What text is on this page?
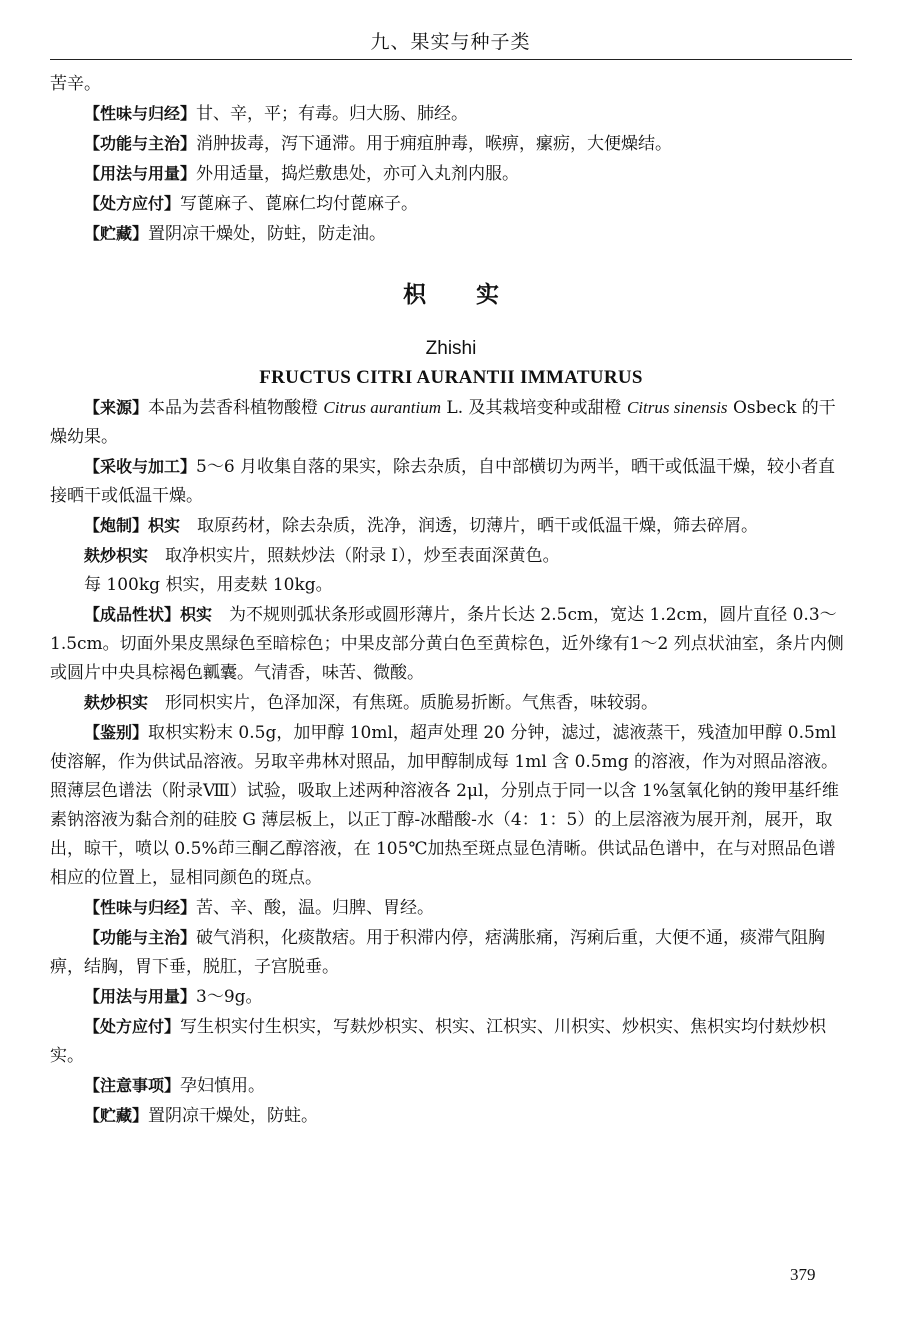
九、果实与种子类

苦辛。

【性味与归经】甘、辛，平；有毒。归大肠、肺经。

【功能与主治】消肿拔毒，泻下通滞。用于痈疽肿毒，喉痹，瘰疬，大便燥结。

【用法与用量】外用适量，捣烂敷患处，亦可入丸剂内服。

【处方应付】写蓖麻子、蓖麻仁均付蓖麻子。

【贮藏】置阴凉干燥处，防蛀，防走油。

枳实

Zhishi

FRUCTUS CITRI AURANTII IMMATURUS

【来源】本品为芸香科植物酸橙 Citrus aurantium L. 及其栽培变种或甜橙 Citrus sinensis Osbeck 的干燥幼果。

【采收与加工】5～6 月收集自落的果实，除去杂质，自中部横切为两半，晒干或低温干燥，较小者直接晒干或低温干燥。

【炮制】枳实　取原药材，除去杂质，洗净，润透，切薄片，晒干或低温干燥，筛去碎屑。

麸炒枳实　取净枳实片，照麸炒法（附录 Ⅰ），炒至表面深黄色。

每 100kg 枳实，用麦麸 10kg。

【成品性状】枳实　为不规则弧状条形或圆形薄片，条片长达 2.5cm，宽达 1.2cm，圆片直径 0.3～1.5cm。切面外果皮黑绿色至暗棕色；中果皮部分黄白色至黄棕色，近外缘有1～2 列点状油室，条片内侧或圆片中央具棕褐色瓤囊。气清香，味苦、微酸。

麸炒枳实　形同枳实片，色泽加深，有焦斑。质脆易折断。气焦香，味较弱。

【鉴别】取枳实粉末 0.5g，加甲醇 10ml，超声处理 20 分钟，滤过，滤液蒸干，残渣加甲醇 0.5ml 使溶解，作为供试品溶液。另取辛弗林对照品，加甲醇制成每 1ml 含 0.5mg 的溶液，作为对照品溶液。照薄层色谱法（附录Ⅷ）试验，吸取上述两种溶液各 2μl，分别点于同一以含 1%氢氧化钠的羧甲基纤维素钠溶液为黏合剂的硅胶 G 薄层板上，以正丁醇-冰醋酸-水（4：1：5）的上层溶液为展开剂，展开，取出，晾干，喷以 0.5%茚三酮乙醇溶液，在 105℃加热至斑点显色清晰。供试品色谱中，在与对照品色谱相应的位置上，显相同颜色的斑点。

【性味与归经】苦、辛、酸，温。归脾、胃经。

【功能与主治】破气消积，化痰散痞。用于积滞内停，痞满胀痛，泻痢后重，大便不通，痰滞气阻胸痹，结胸，胃下垂，脱肛，子宫脱垂。

【用法与用量】3～9g。

【处方应付】写生枳实付生枳实，写麸炒枳实、枳实、江枳实、川枳实、炒枳实、焦枳实均付麸炒枳实。

【注意事项】孕妇慎用。

【贮藏】置阴凉干燥处，防蛀。

379
